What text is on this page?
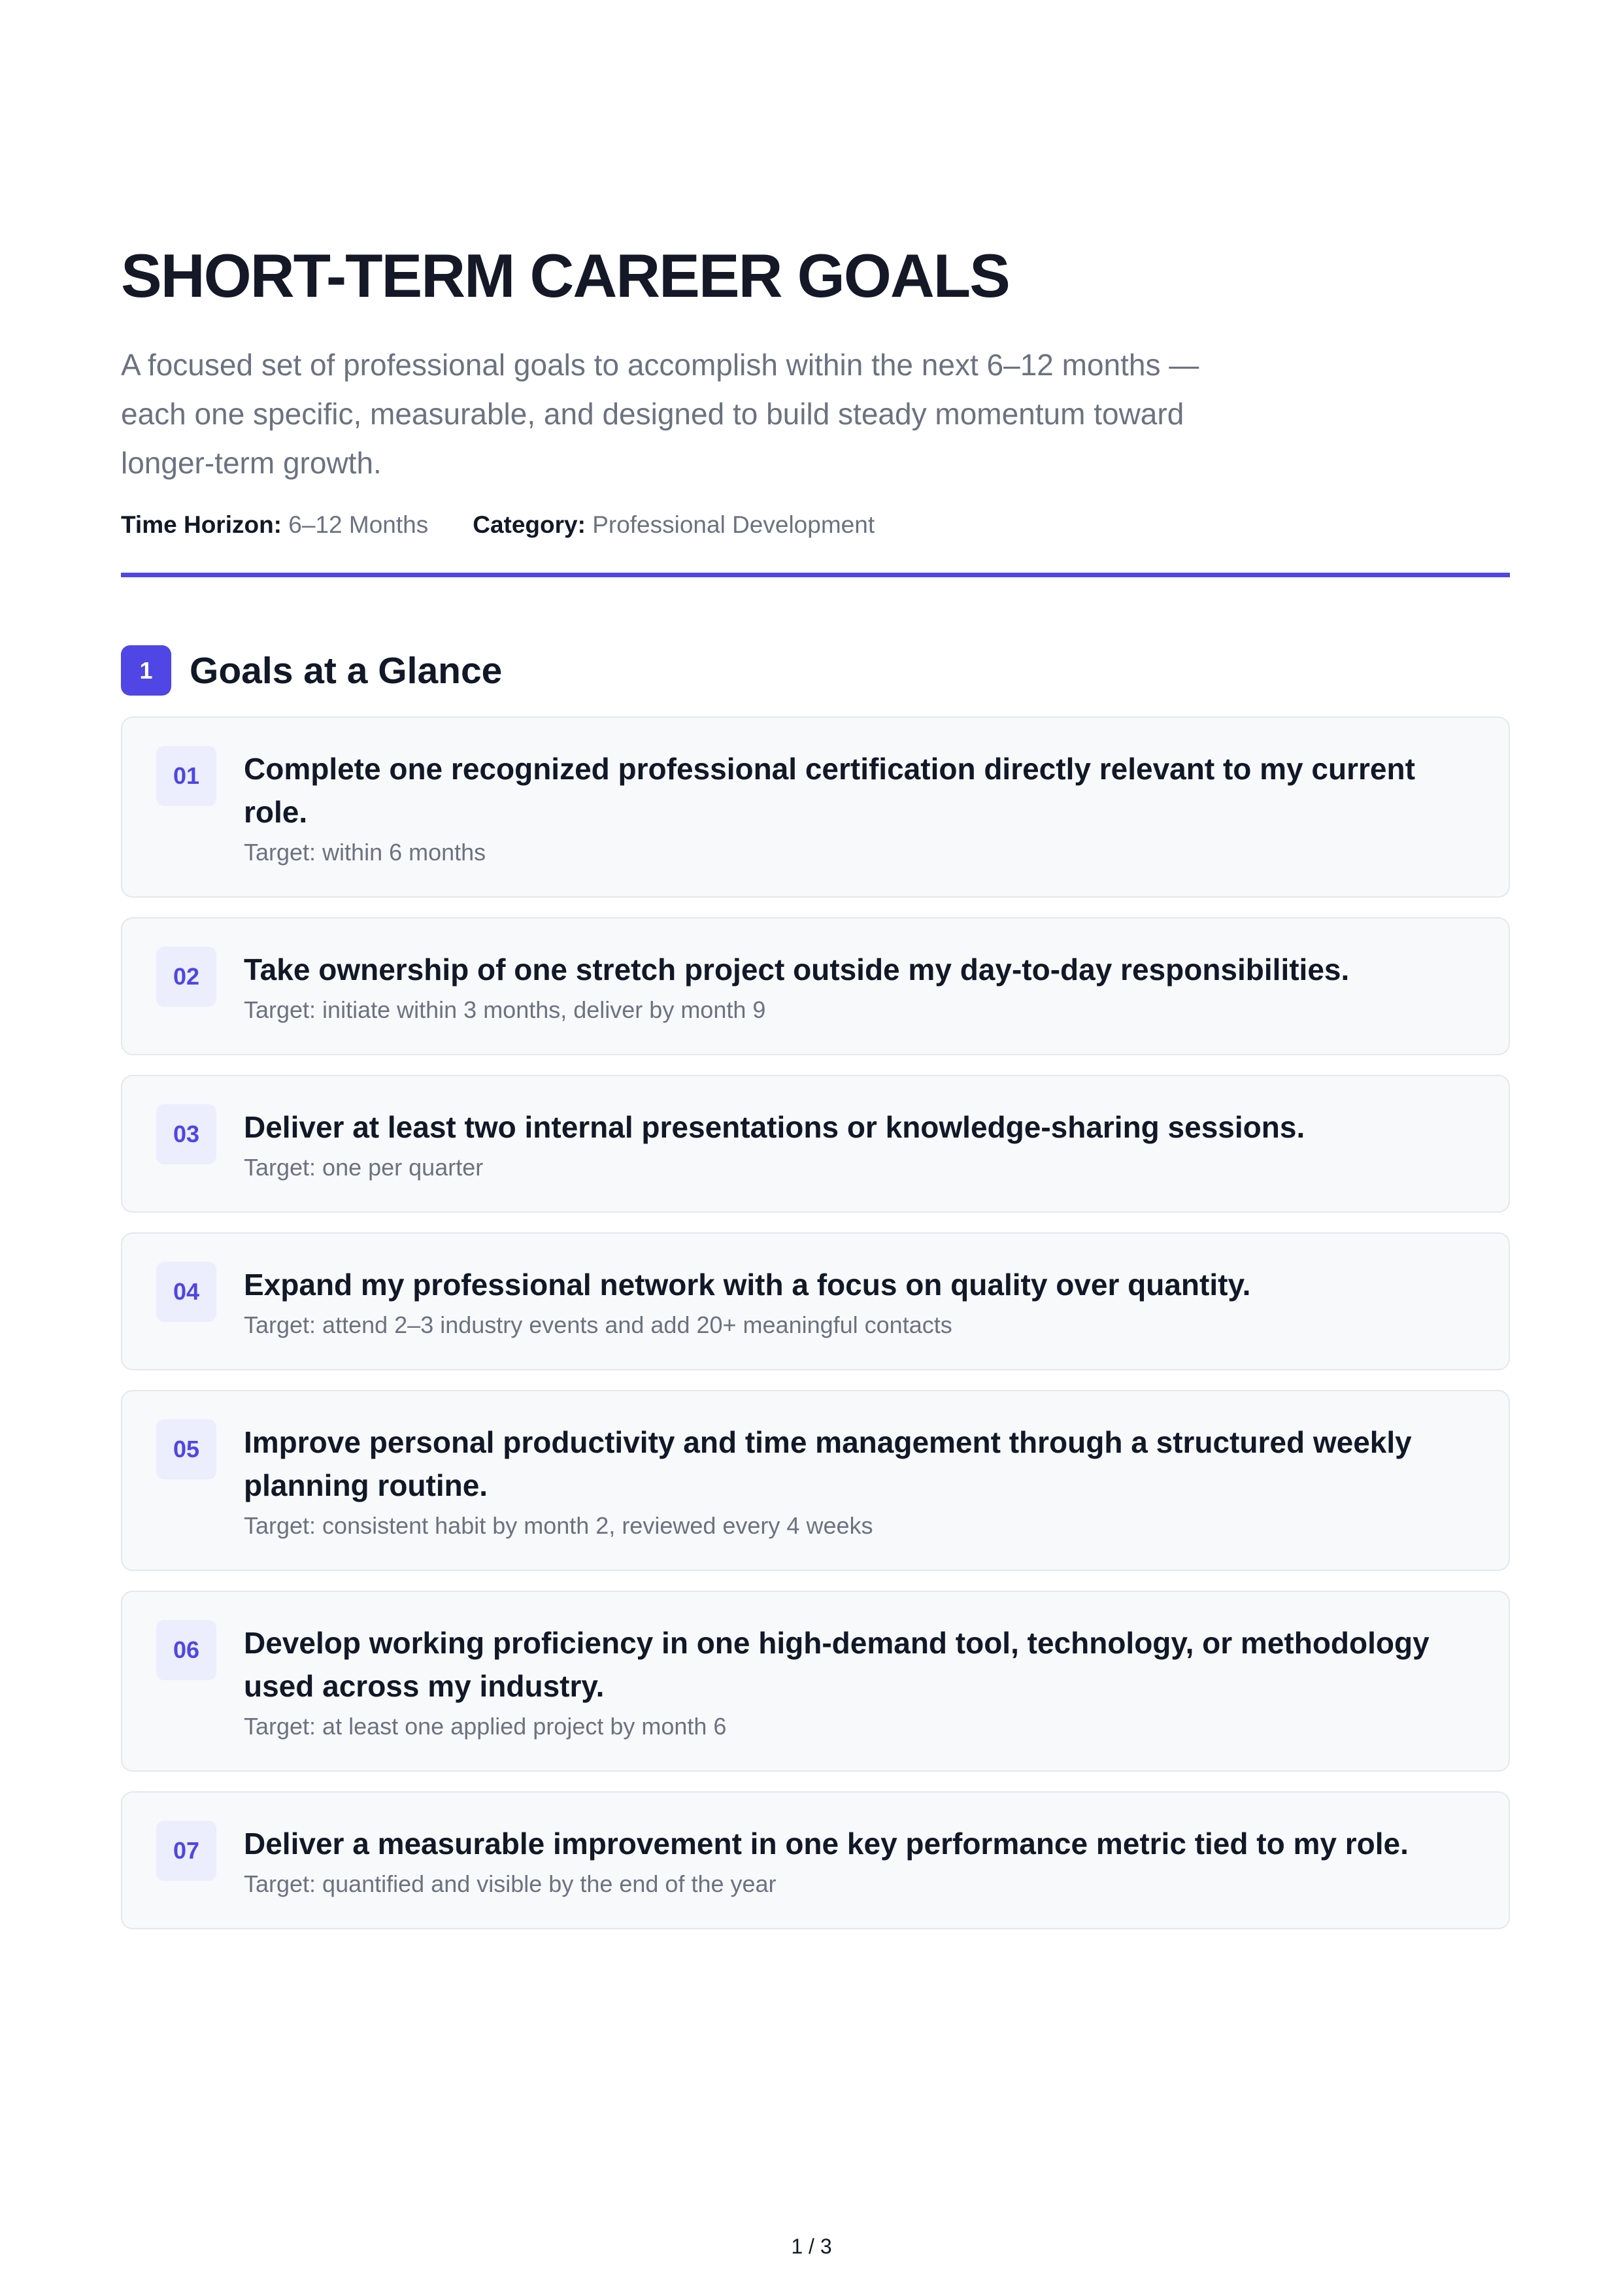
SHORT-TERM CAREER GOALS
A focused set of professional goals to accomplish within the next 6–12 months — each one specific, measurable, and designed to build steady momentum toward longer-term growth.
Time Horizon: 6–12 Months Category: Professional Development
1 Goals at a Glance
01	Complete one recognized professional certification directly relevant to my current role.
Target: within 6 months
02	Take ownership of one stretch project outside my day-to-day responsibilities.
Target: initiate within 3 months, deliver by month 9
03	Deliver at least two internal presentations or knowledge-sharing sessions.
Target: one per quarter
04	Expand my professional network with a focus on quality over quantity.
Target: attend 2–3 industry events and add 20+ meaningful contacts
05	Improve personal productivity and time management through a structured weekly planning routine.
Target: consistent habit by month 2, reviewed every 4 weeks
06	Develop working proficiency in one high-demand tool, technology, or methodology used across my industry.
Target: at least one applied project by month 6
07	Deliver a measurable improvement in one key performance metric tied to my role.
Target: quantified and visible by the end of the year
1 / 3
